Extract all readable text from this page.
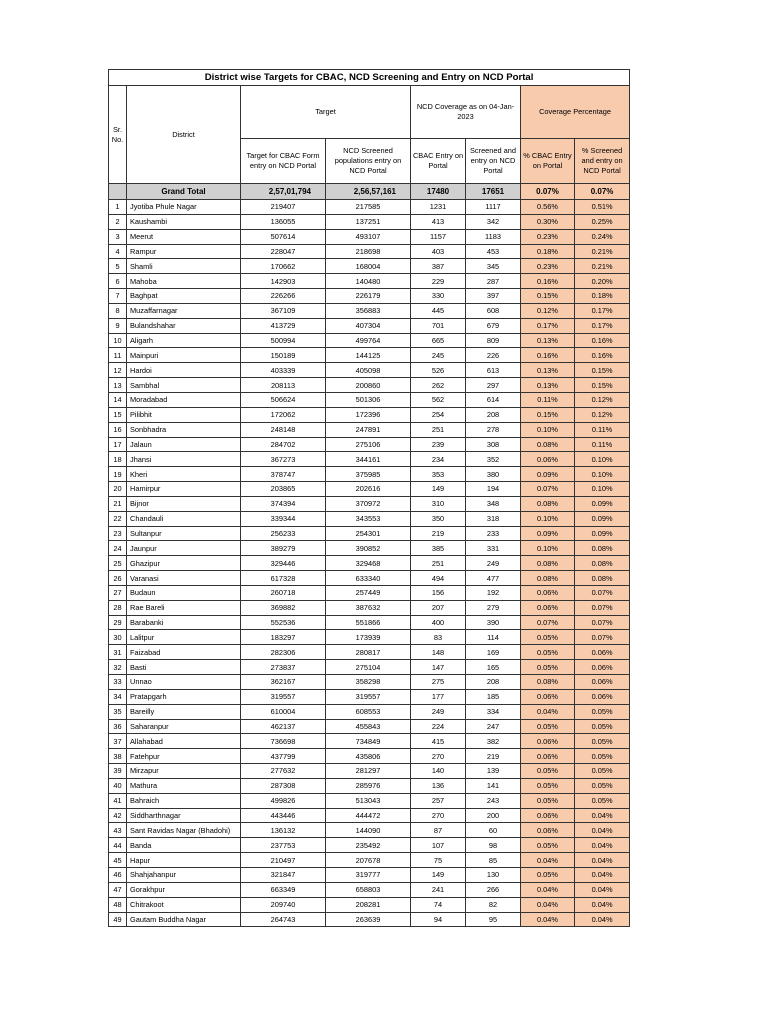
District wise Targets for CBAC, NCD Screening and Entry on NCD Portal							
Sr. No.	District	Target		NCD Coverage as on 04-Jan-2023		Coverage Percentage	
		Target for CBAC Form entry on NCD Portal	NCD Screened populations entry on NCD Portal	CBAC Entry on Portal	Screened and entry on NCD Portal	% CBAC Entry on Portal	% Screened and entry on NCD Portal
	Grand Total	2,57,01,794	2,56,57,161	17480	17651	0.07%	0.07%
1	Jyotiba Phule Nagar	219407	217585	1231	1117	0.56%	0.51%
2	Kaushambi	136055	137251	413	342	0.30%	0.25%
3	Meerut	507614	493107	1157	1183	0.23%	0.24%
4	Rampur	228047	218698	403	453	0.18%	0.21%
5	Shamli	170662	168004	387	345	0.23%	0.21%
6	Mahoba	142903	140480	229	287	0.16%	0.20%
7	Baghpat	226266	226179	330	397	0.15%	0.18%
8	Muzaffarnagar	367109	356883	445	608	0.12%	0.17%
9	Bulandshahar	413729	407304	701	679	0.17%	0.17%
10	Aligarh	500994	499764	665	809	0.13%	0.16%
11	Mainpuri	150189	144125	245	226	0.16%	0.16%
12	Hardoi	403339	405098	526	613	0.13%	0.15%
13	Sambhal	208113	200860	262	297	0.13%	0.15%
14	Moradabad	506624	501306	562	614	0.11%	0.12%
15	Pilibhit	172062	172396	254	208	0.15%	0.12%
16	Sonbhadra	248148	247891	251	278	0.10%	0.11%
17	Jalaun	284702	275106	239	308	0.08%	0.11%
18	Jhansi	367273	344161	234	352	0.06%	0.10%
19	Kheri	378747	375985	353	380	0.09%	0.10%
20	Hamirpur	203865	202616	149	194	0.07%	0.10%
21	Bijnor	374394	370972	310	348	0.08%	0.09%
22	Chandauli	339344	343553	350	318	0.10%	0.09%
23	Sultanpur	256233	254301	219	233	0.09%	0.09%
24	Jaunpur	389279	390852	385	331	0.10%	0.08%
25	Ghazipur	329446	329468	251	249	0.08%	0.08%
26	Varanasi	617328	633340	494	477	0.08%	0.08%
27	Budaun	260718	257449	156	192	0.06%	0.07%
28	Rae Bareli	369882	387632	207	279	0.06%	0.07%
29	Barabanki	552536	551866	400	390	0.07%	0.07%
30	Lalitpur	183297	173939	83	114	0.05%	0.07%
31	Faizabad	282306	280817	148	169	0.05%	0.06%
32	Basti	273837	275104	147	165	0.05%	0.06%
33	Unnao	362167	358298	275	208	0.08%	0.06%
34	Pratapgarh	319557	319557	177	185	0.06%	0.06%
35	Bareilly	610004	608553	249	334	0.04%	0.05%
36	Saharanpur	462137	455843	224	247	0.05%	0.05%
37	Allahabad	736698	734849	415	382	0.06%	0.05%
38	Fatehpur	437799	435806	270	219	0.06%	0.05%
39	Mirzapur	277632	281297	140	139	0.05%	0.05%
40	Mathura	287308	285976	136	141	0.05%	0.05%
41	Bahraich	499826	513043	257	243	0.05%	0.05%
42	Siddharthnagar	443446	444472	270	200	0.06%	0.04%
43	Sant Ravidas Nagar (Bhadohi)	136132	144090	87	60	0.06%	0.04%
44	Banda	237753	235492	107	98	0.05%	0.04%
45	Hapur	210497	207678	75	85	0.04%	0.04%
46	Shahjahanpur	321847	319777	149	130	0.05%	0.04%
47	Gorakhpur	663349	658803	241	266	0.04%	0.04%
48	Chitrakoot	209740	208281	74	82	0.04%	0.04%
49	Gautam Buddha Nagar	264743	263639	94	95	0.04%	0.04%
